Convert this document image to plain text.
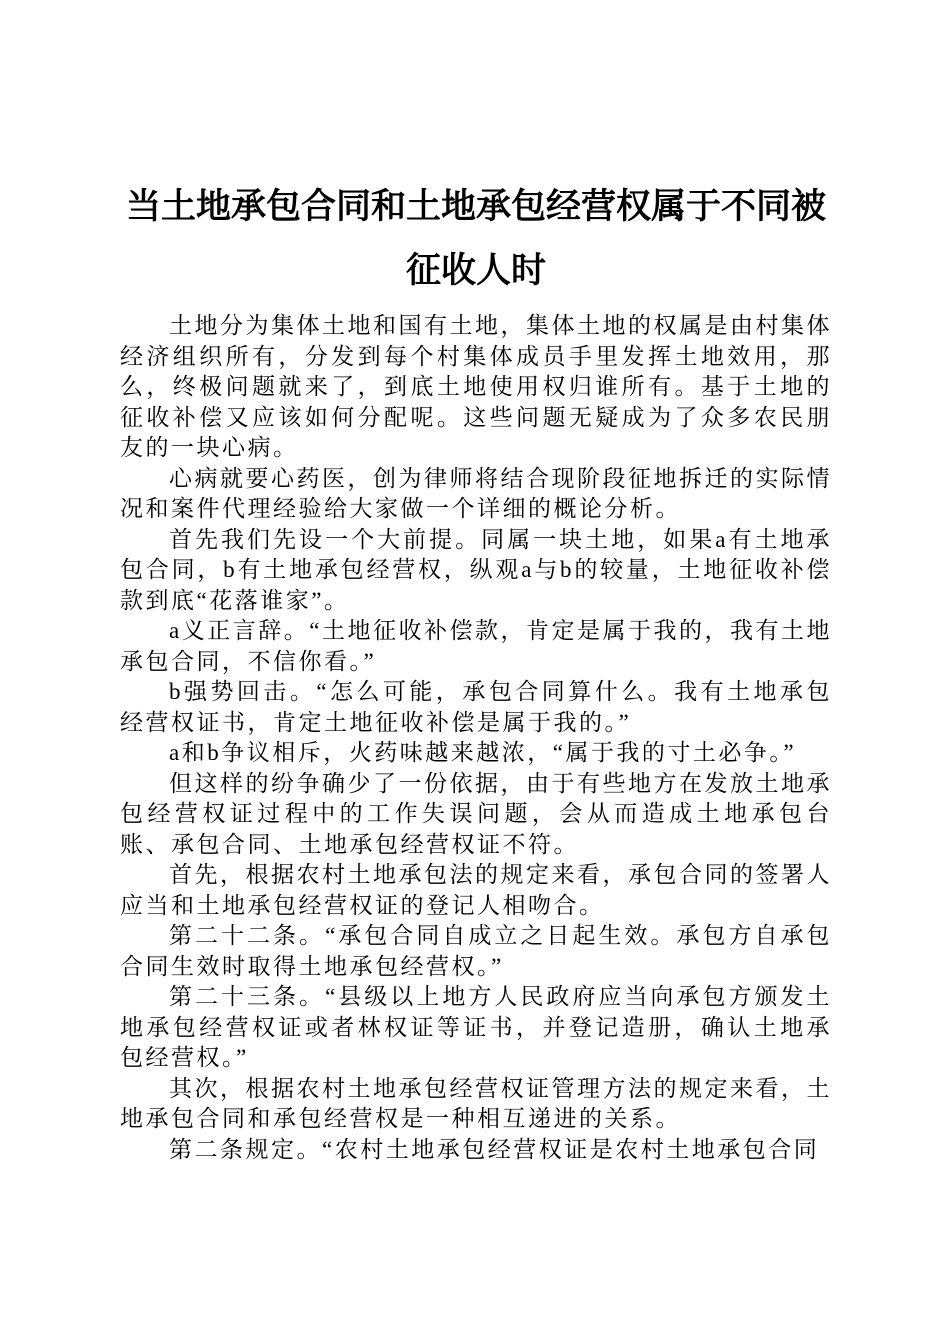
当土地承包合同和土地承包经营权属于不同被征收人时

土地分为集体土地和国有土地，集体土地的权属是由村集体经济组织所有，分发到每个村集体成员手里发挥土地效用，那么，终极问题就来了，到底土地使用权归谁所有。基于土地的征收补偿又应该如何分配呢。这些问题无疑成为了众多农民朋友的一块心病。

心病就要心药医，创为律师将结合现阶段征地拆迁的实际情况和案件代理经验给大家做一个详细的概论分析。

首先我们先设一个大前提。同属一块土地，如果a有土地承包合同，b有土地承包经营权，纵观a与b的较量，土地征收补偿款到底“花落谁家”。

a义正言辞。“土地征收补偿款，肯定是属于我的，我有土地承包合同，不信你看。”

b强势回击。“怎么可能，承包合同算什么。我有土地承包经营权证书，肯定土地征收补偿是属于我的。”

a和b争议相斥，火药味越来越浓，“属于我的寸土必争。”

但这样的纷争确少了一份依据，由于有些地方在发放土地承包经营权证过程中的工作失误问题，会从而造成土地承包台账、承包合同、土地承包经营权证不符。

首先，根据农村土地承包法的规定来看，承包合同的签署人应当和土地承包经营权证的登记人相吻合。

第二十二条。“承包合同自成立之日起生效。承包方自承包合同生效时取得土地承包经营权。”

第二十三条。“县级以上地方人民政府应当向承包方颁发土地承包经营权证或者林权证等证书，并登记造册，确认土地承包经营权。”

其次，根据农村土地承包经营权证管理方法的规定来看，土地承包合同和承包经营权是一种相互递进的关系。

第二条规定。“农村土地承包经营权证是农村土地承包合同
